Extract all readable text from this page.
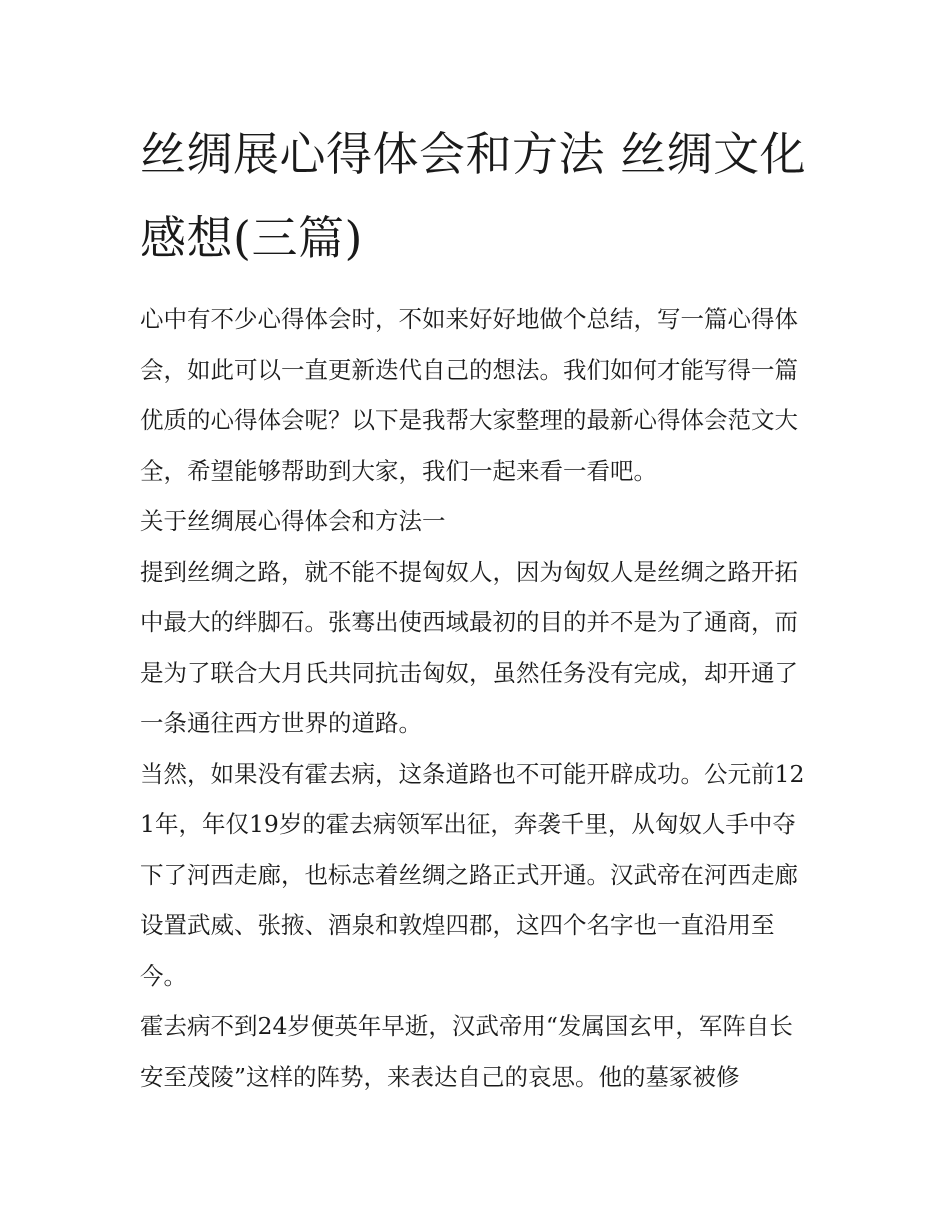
丝绸展心得体会和方法 丝绸文化感想(三篇)

心中有不少心得体会时，不如来好好地做个总结，写一篇心得体会，如此可以一直更新迭代自己的想法。我们如何才能写得一篇优质的心得体会呢？以下是我帮大家整理的最新心得体会范文大全，希望能够帮助到大家，我们一起来看一看吧。

关于丝绸展心得体会和方法一

提到丝绸之路，就不能不提匈奴人，因为匈奴人是丝绸之路开拓中最大的绊脚石。张骞出使西域最初的目的并不是为了通商，而是为了联合大月氏共同抗击匈奴，虽然任务没有完成，却开通了一条通往西方世界的道路。

当然，如果没有霍去病，这条道路也不可能开辟成功。公元前121年，年仅19岁的霍去病领军出征，奔袭千里，从匈奴人手中夺下了河西走廊，也标志着丝绸之路正式开通。汉武帝在河西走廊设置武威、张掖、酒泉和敦煌四郡，这四个名字也一直沿用至今。

霍去病不到24岁便英年早逝，汉武帝用“发属国玄甲，军阵自长安至茂陵”这样的阵势，来表达自己的哀思。他的墓冢被修
